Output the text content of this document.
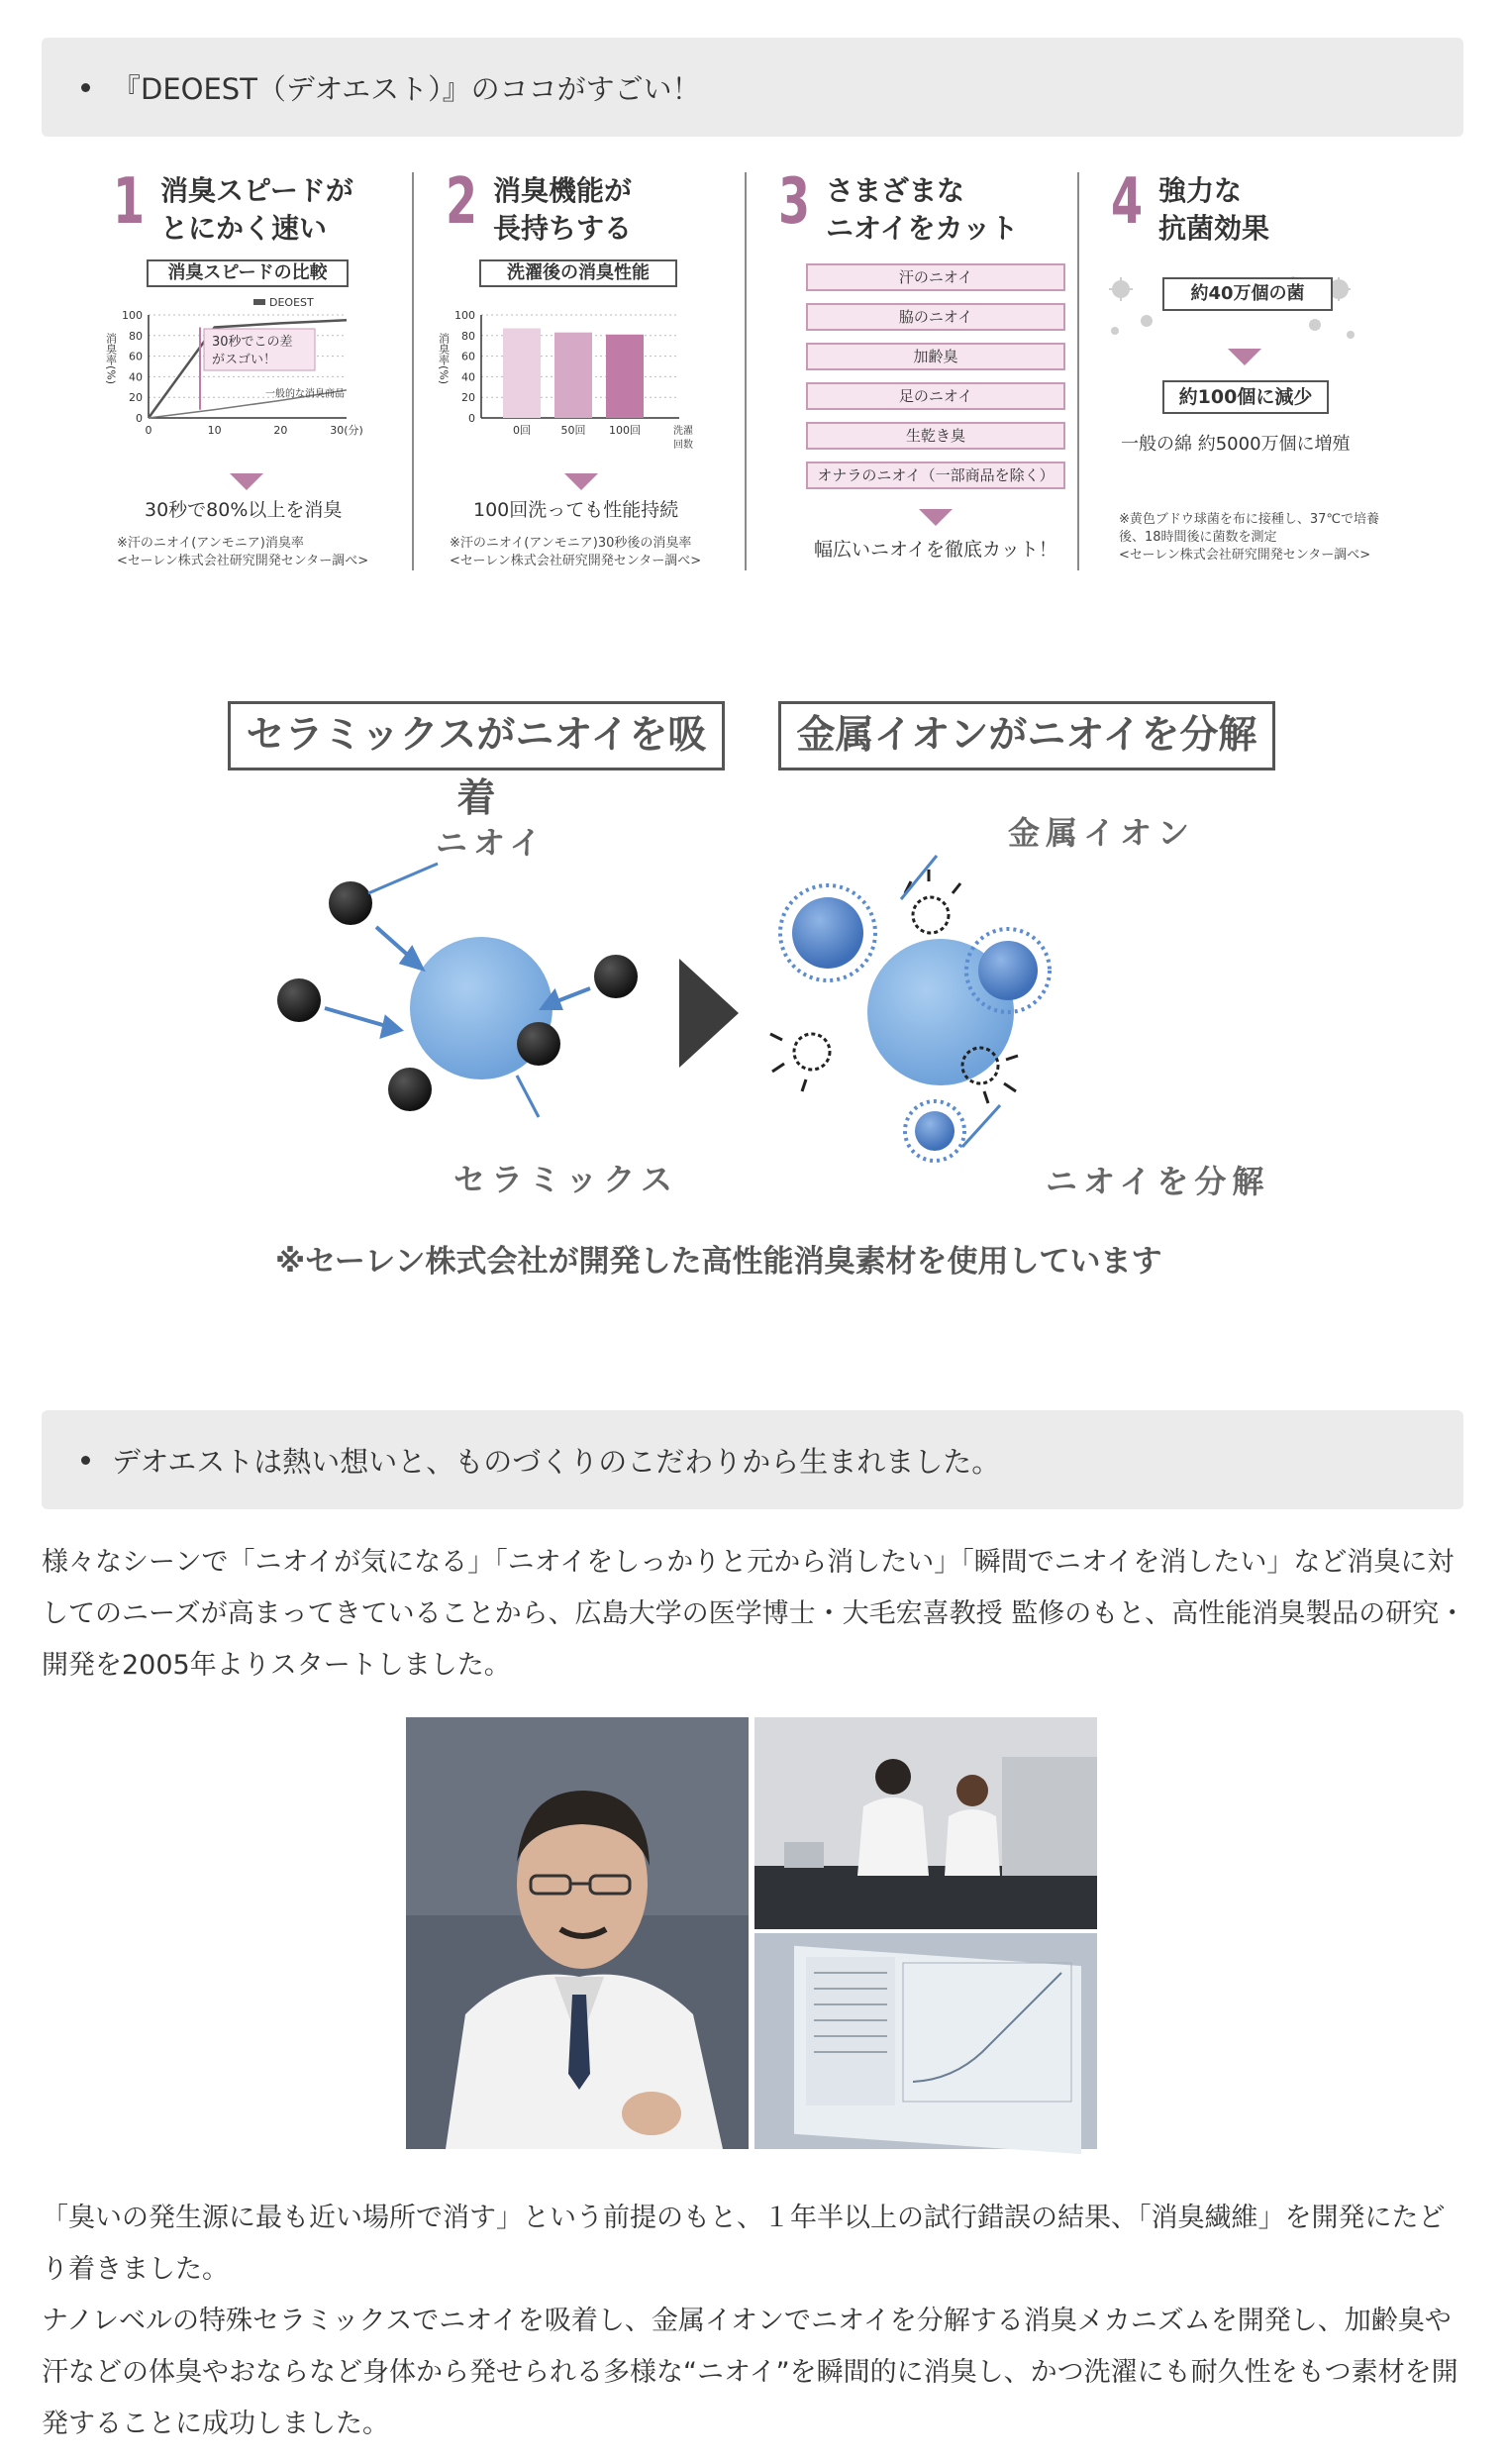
『DEOEST（デオエスト）』のココがすごい！
1 消臭スピードが
とにかく速い
消臭スピードの比較
消臭率(%)
100
80
60
40
20
0
0	10	20	30(分)
DEOEST
一般的な消臭商品
30秒でこの差
がスゴい！
30秒で80%以上を消臭
※汗のニオイ(アンモニア)消臭率
<セーレン株式会社研究開発センター調べ>
2 消臭機能が
長持ちする
洗濯後の消臭性能
消臭率(%)
100
80
60
40
20
0
0回	50回 100回	洗濯
回数
100回洗っても性能持続
※汗のニオイ(アンモニア)30秒後の消臭率
<セーレン株式会社研究開発センター調べ>
3 さまざまな
ニオイをカット
汗のニオイ
脇のニオイ
加齢臭
足のニオイ
生乾き臭
オナラのニオイ（一部商品を除く）
幅広いニオイを徹底カット！
4 強力な
抗菌効果
約40万個の菌
約100個に減少
一般の綿 約5000万個に増殖
※黄色ブドウ球菌を布に接種し、37℃で培養
後、18時間後に菌数を測定
<セーレン株式会社研究開発センター調べ>
セラミックスがニオイを吸着
金属イオンがニオイを分解
ニオイ
セラミックス
金属イオン
ニオイを分解
※セーレン株式会社が開発した高性能消臭素材を使用しています
デオエストは熱い想いと、ものづくりのこだわりから生まれました。

様々なシーンで「ニオイが気になる」「ニオイをしっかりと元から消したい」「瞬間でニオイを消したい」など消臭に対してのニーズが高まってきていることから、広島大学の医学博士・大毛宏喜教授 監修のもと、高性能消臭製品の研究・開発を2005年よりスタートしました。

「臭いの発生源に最も近い場所で消す」という前提のもと、１年半以上の試行錯誤の結果、「消臭繊維」を開発にたどり着きました。

ナノレベルの特殊セラミックスでニオイを吸着し、金属イオンでニオイを分解する消臭メカニズムを開発し、加齢臭や汗などの体臭やおならなど身体から発せられる多様な“ニオイ”を瞬間的に消臭し、かつ洗濯にも耐久性をもつ素材を開発することに成功しました。
